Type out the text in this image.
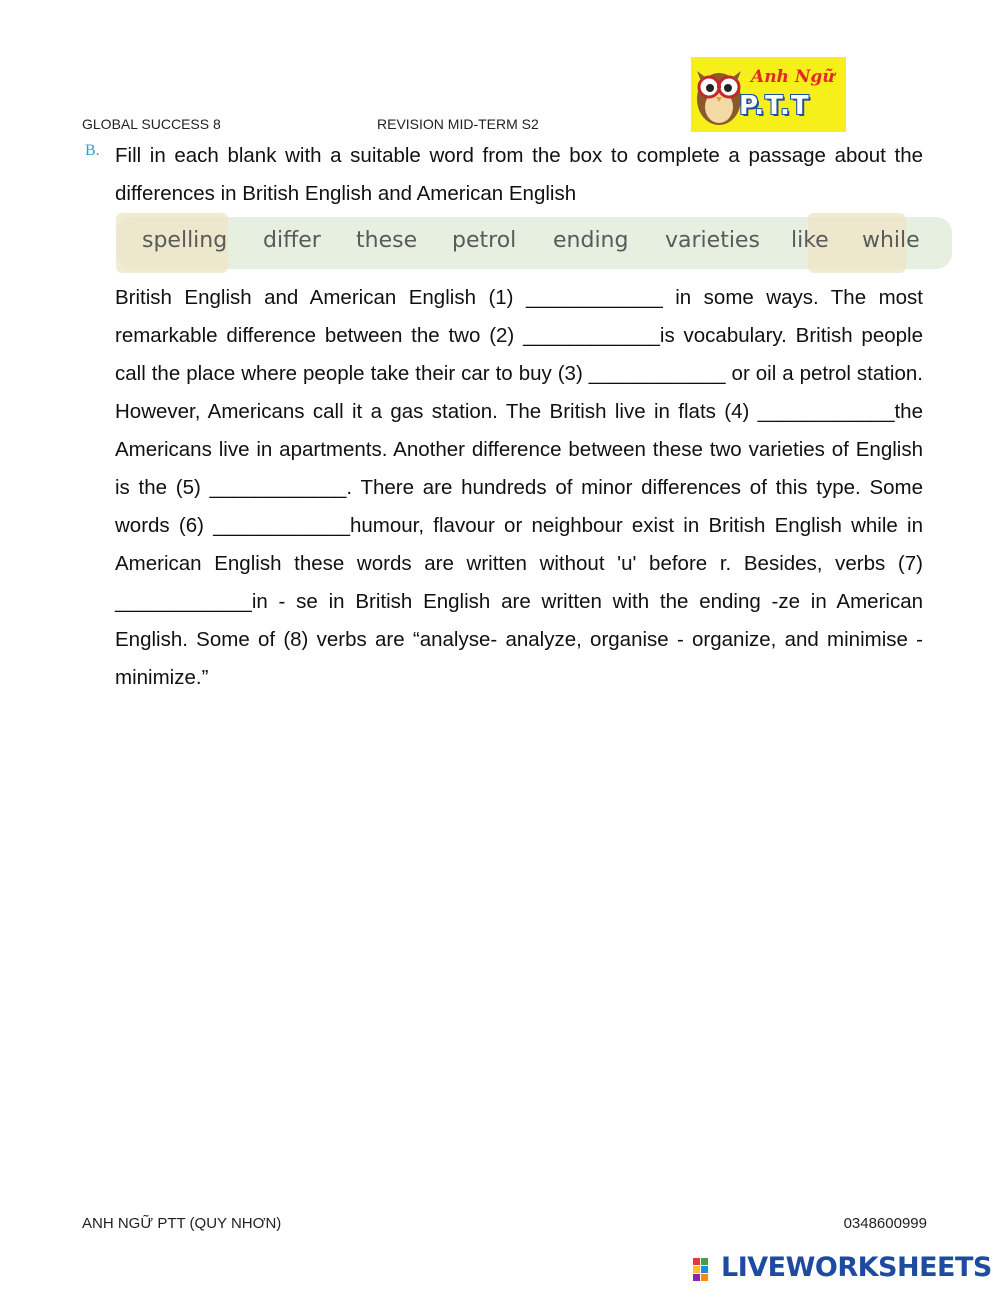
GLOBAL SUCCESS 8	REVISION MID-TERM S2
Anh Ngữ
P.T.T
B. Fill in each blank with a suitable word from the box to complete a passage about the differences in British English and American English
spelling differ these petrol ending varieties like while

British English and American English (1) ____________ in some ways. The most remarkable difference between the two (2) ____________is vocabulary. British people call the place where people take their car to buy (3) ____________ or oil a petrol station. However, Americans call it a gas station. The British live in flats (4) ____________the Americans live in apartments. Another difference between these two varieties of English is the (5) ____________. There are hundreds of minor differences of this type. Some words (6) ____________humour, flavour or neighbour exist in British English while in American English these words are written without 'u' before r. Besides, verbs (7) ____________in - se in British English are written with the ending -ze in American English. Some of (8) verbs are “analyse- analyze, organise - organize, and minimise - minimize.”

ANH NGỮ PTT (QUY NHƠN)	0348600999
LIVEWORKSHEETS
